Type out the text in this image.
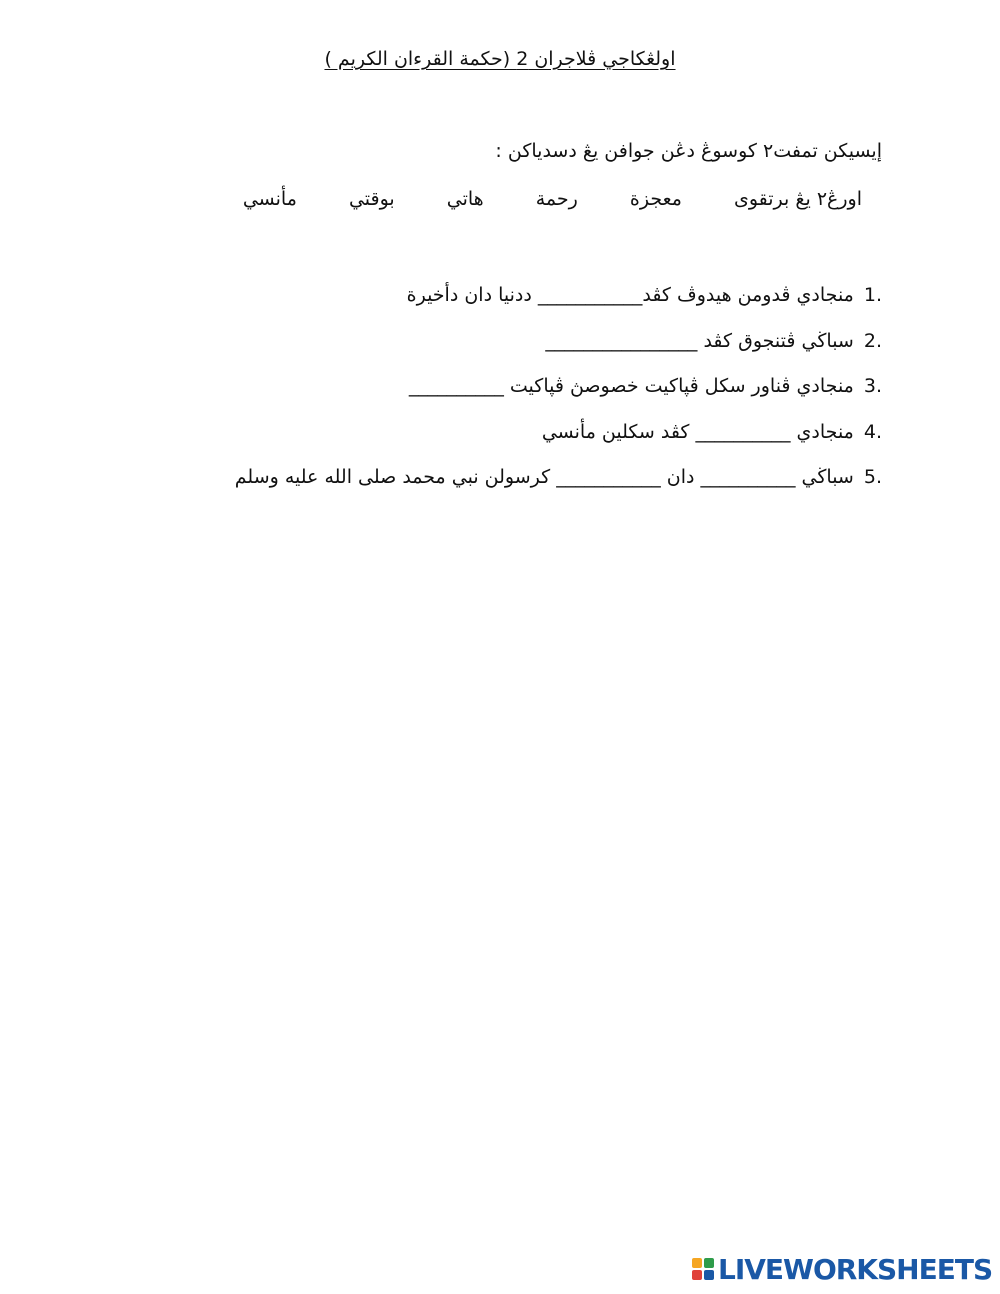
اولڠكاجي ڤلاجران 2 (حكمة القرءان الكريم )
إيسيكن تمفت٢ كوسوڠ دڠن جوافن يڠ دسدياكن :
اورڠ٢ يڠ برتقوى معجزة رحمة هاتي بوقتي مأنسي
.1منجادي ڤدومن هيدوڤ كڤد___________ ددنيا دان دأخيرة
.2سباڬي ڤتنجوق كڤد ________________
.3منجادي ڤناور سكل ڤپاكيت خصوصڽ ڤپاكيت __________
.4منجادي __________ كڤد سكلين مأنسي
.5سباڬي __________ دان ___________ كرسولن نبي محمد صلى الله عليه وسلم
LIVEWORKSHEETS
